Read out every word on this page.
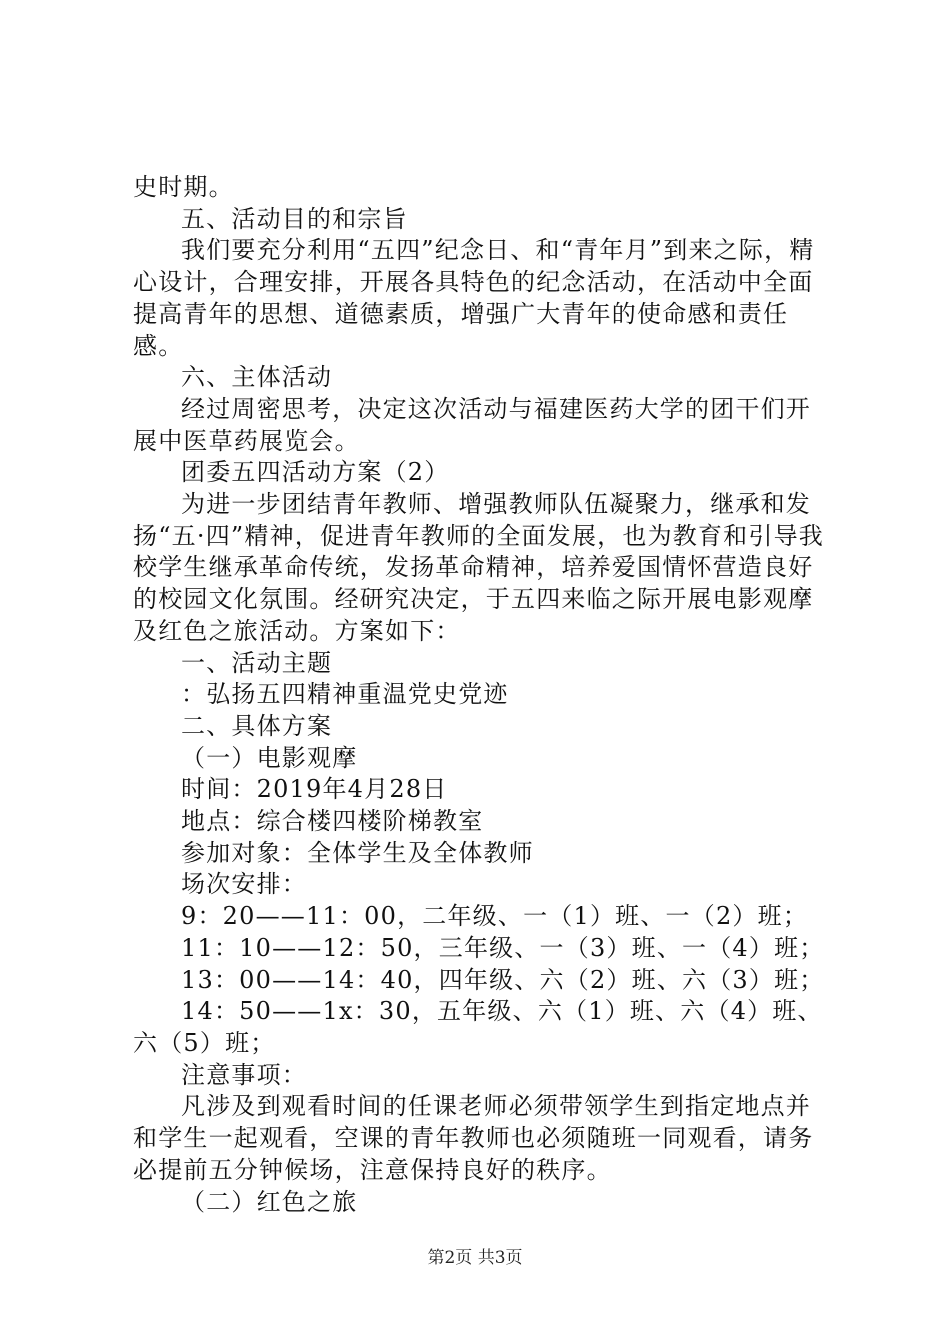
史时期。

五、活动目的和宗旨

我们要充分利用“五四”纪念日、和“青年月”到来之际，精心设计，合理安排，开展各具特色的纪念活动，在活动中全面提高青年的思想、道德素质，增强广大青年的使命感和责任感。

六、主体活动

经过周密思考，决定这次活动与福建医药大学的团干们开展中医草药展览会。

团委五四活动方案（2）

为进一步团结青年教师、增强教师队伍凝聚力，继承和发扬“五·四”精神，促进青年教师的全面发展，也为教育和引导我校学生继承革命传统，发扬革命精神，培养爱国情怀营造良好的校园文化氛围。经研究决定，于五四来临之际开展电影观摩及红色之旅活动。方案如下：

一、活动主题

：弘扬五四精神重温党史党迹

二、具体方案

（一）电影观摩

时间：2019年4月28日

地点：综合楼四楼阶梯教室

参加对象：全体学生及全体教师

场次安排：

9：20——11：00，二年级、一（1）班、一（2）班；

11：10——12：50，三年级、一（3）班、一（4）班；

13：00——14：40，四年级、六（2）班、六（3）班；

14：50——1x：30，五年级、六（1）班、六（4）班、六（5）班；

注意事项：

凡涉及到观看时间的任课老师必须带领学生到指定地点并和学生一起观看，空课的青年教师也必须随班一同观看，请务必提前五分钟候场，注意保持良好的秩序。

（二）红色之旅

第2页 共3页
